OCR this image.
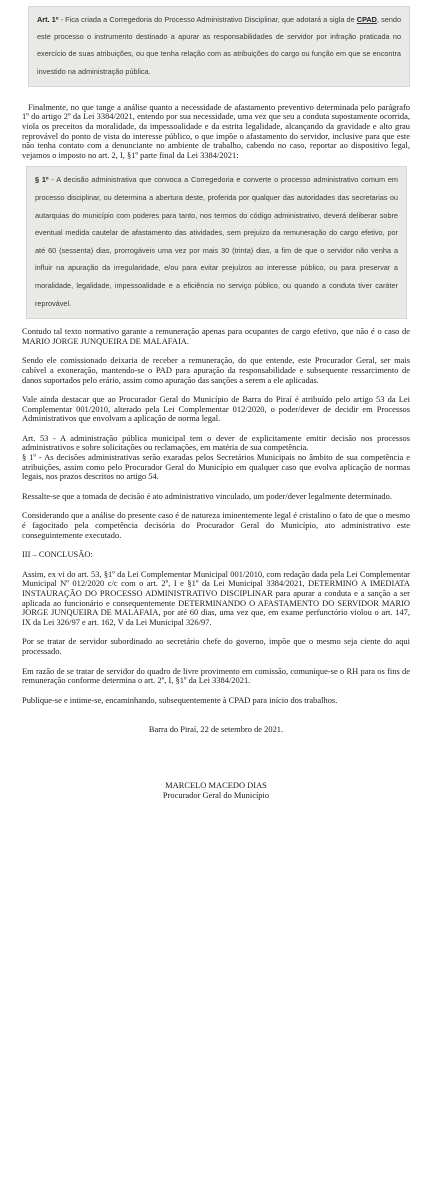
Art. 1º - Fica criada a Corregedoria do Processo Administrativo Disciplinar, que adotará a sigla de CPAD, sendo este processo o instrumento destinado a apurar as responsabilidades de servidor por infração praticada no exercício de suas atribuições, ou que tenha relação com as atribuições do cargo ou função em que se encontra investido na administração pública.

Finalmente, no que tange a análise quanto a necessidade de afastamento preventivo determinada pelo parágrafo 1º do artigo 2º da Lei 3384/2021, entendo por sua necessidade, uma vez que seu a conduta supostamente ocorrida, viola os preceitos da moralidade, da impessoalidade e da estrita legalidade, alcançando da gravidade e alto grau reprovável do ponto de vista do interesse público, o que impõe o afastamento do servidor, inclusive para que este não tenha contato com a denunciante no ambiente de trabalho, cabendo no caso, reportar ao dispositivo legal, vejamos o imposto no art. 2, I, §1º parte final da Lei 3384/2021:

§ 1º - A decisão administrativa que convoca a Corregedoria e converte o processo administrativo comum em processo disciplinar, ou determina a abertura deste, proferida por qualquer das autoridades das secretarias ou autarquias do município com poderes para tanto, nos termos do código administrativo, deverá deliberar sobre eventual medida cautelar de afastamento das atividades, sem prejuízo da remuneração do cargo efetivo, por até 60 (sessenta) dias, prorrogáveis uma vez por mais 30 (trinta) dias, a fim de que o servidor não venha a influir na apuração da irregularidade, e/ou para evitar prejuízos ao interesse público, ou para preservar a moralidade, legalidade, impessoalidade e a eficiência no serviço público, ou quando a conduta tiver caráter reprovável.

Contudo tal texto normativo garante a remuneração apenas para ocupantes de cargo efetivo, que não é o caso de MARIO JORGE JUNQUEIRA DE MALAFAIA.

Sendo ele comissionado deixaria de receber a remuneração, do que entende, este Procurador Geral, ser mais cabível a exoneração, mantendo-se o PAD para apuração da responsabilidade e subsequente ressarcimento de danos suportados pelo erário, assim como apuração das sanções a serem a ele aplicadas.

Vale ainda destacar que ao Procurador Geral do Município de Barra do Piraí é atribuído pelo artigo 53 da Lei Complementar 001/2010, alterado pela Lei Complementar 012/2020, o poder/dever de decidir em Processos Administrativos que envolvam a aplicação de norma legal.

Art. 53 - A administração pública municipal tem o dever de explicitamente emitir decisão nos processos administrativos e sobre solicitações ou reclamações, em matéria de sua competência.

§ 1º - As decisões administrativas serão exaradas pelos Secretários Municipais no âmbito de sua competência e atribuições, assim como pelo Procurador Geral do Município em qualquer caso que evolva aplicação de normas legais, nos prazos descritos no artigo 54.

Ressalte-se que a tomada de decisão é ato administrativo vinculado, um poder/dever legalmente determinado.

Considerando que a análise do presente caso é de natureza iminentemente legal é cristalino o fato de que o mesmo é fagocitado pela competência decisória do Procurador Geral do Município, ato administrativo este conseguintemente executado.

III – CONCLUSÃO:

Assim, ex vi do art. 53, §1º da Lei Complementar Municipal 001/2010, com redação dada pela Lei Complementar Municipal Nº 012/2020 c/c com o art. 2º, I e §1º da Lei Municipal 3384/2021, DETERMINO A IMEDIATA INSTAURAÇÃO DO PROCESSO ADMINISTRATIVO DISCIPLINAR para apurar a conduta e a sanção a ser aplicada ao funcionário e consequentemente DETERMINANDO O AFASTAMENTO DO SERVIDOR MARIO JORGE JUNQUEIRA DE MALAFAIA, por até 60 dias, uma vez que, em exame perfunctório violou o art. 147, IX da Lei 326/97 e art. 162, V da Lei Municipal 326/97.

Por se tratar de servidor subordinado ao secretário chefe do governo, impõe que o mesmo seja ciente do aqui processado.

Em razão de se tratar de servidor do quadro de livre provimento em comissão, comunique-se o RH para os fins de remuneração conforme determina o art. 2º, I, §1º da Lei 3384/2021.

Publique-se e intime-se, encaminhando, subsequentemente à CPAD para início dos trabalhos.

Barra do Piraí, 22 de setembro de 2021.

MARCELO MACEDO DIAS

Procurador Geral do Município
